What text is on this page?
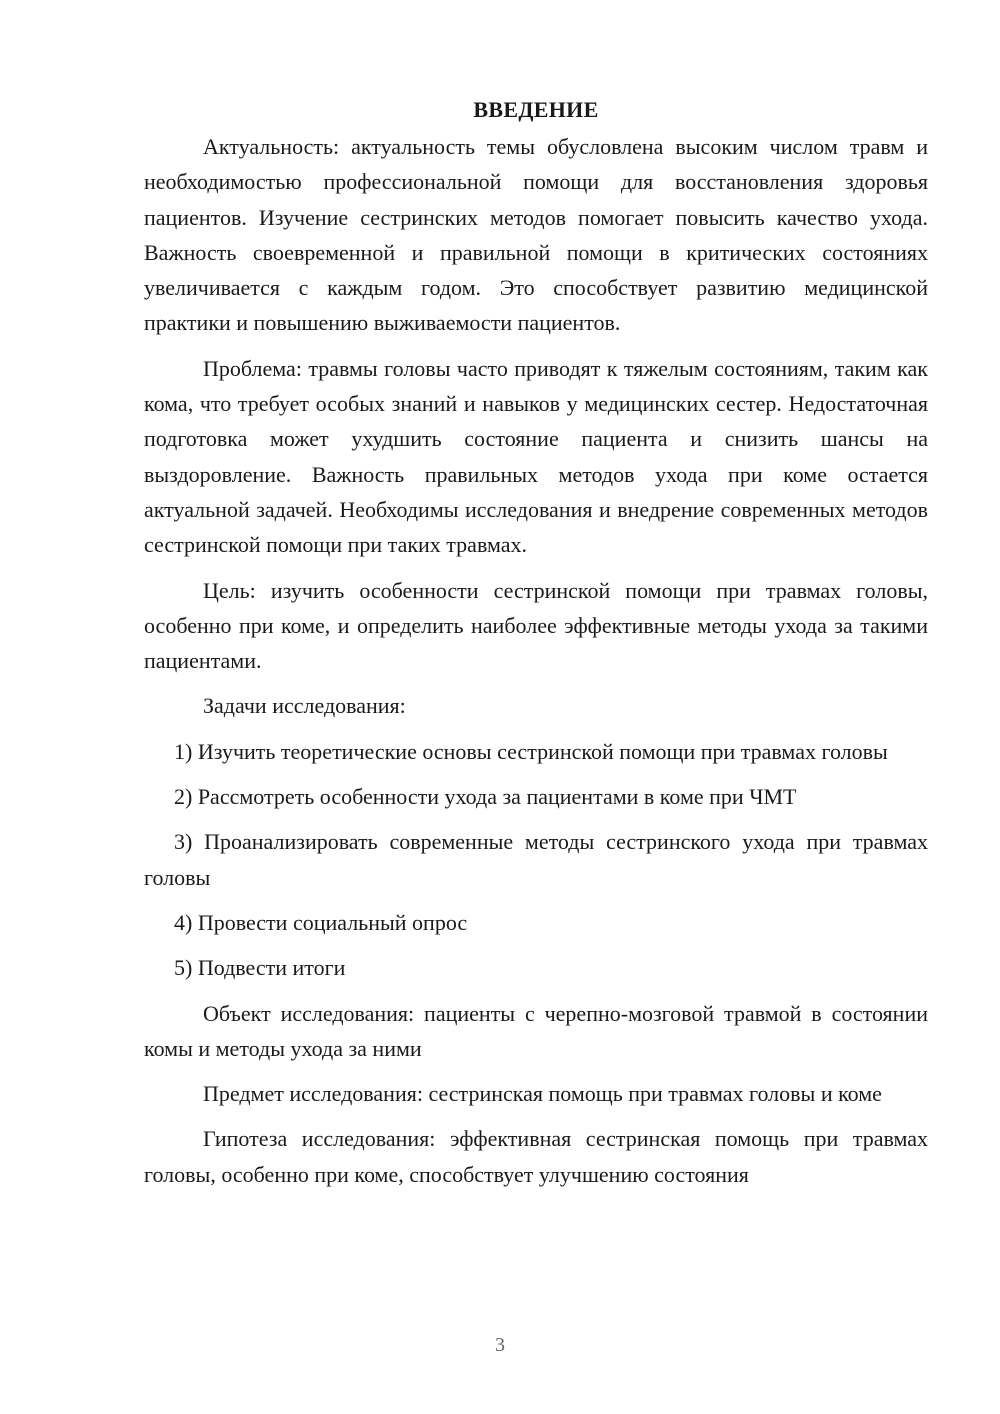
ВВЕДЕНИЕ

Актуальность: актуальность темы обусловлена высоким числом травм и необходимостью профессиональной помощи для восстановления здоровья пациентов. Изучение сестринских методов помогает повысить качество ухода. Важность своевременной и правильной помощи в критических состояниях увеличивается с каждым годом. Это способствует развитию медицинской практики и повышению выживаемости пациентов.

Проблема: травмы головы часто приводят к тяжелым состояниям, таким как кома, что требует особых знаний и навыков у медицинских сестер. Недостаточная подготовка может ухудшить состояние пациента и снизить шансы на выздоровление. Важность правильных методов ухода при коме остается актуальной задачей. Необходимы исследования и внедрение современных методов сестринской помощи при таких травмах.

Цель: изучить особенности сестринской помощи при травмах головы, особенно при коме, и определить наиболее эффективные методы ухода за такими пациентами.

Задачи исследования:

1) Изучить теоретические основы сестринской помощи при травмах головы

2) Рассмотреть особенности ухода за пациентами в коме при ЧМТ

3) Проанализировать современные методы сестринского ухода при травмах головы

4) Провести социальный опрос

5) Подвести итоги

Объект исследования: пациенты с черепно-мозговой травмой в состоянии комы и методы ухода за ними

Предмет исследования: сестринская помощь при травмах головы и коме

Гипотеза исследования: эффективная сестринская помощь при травмах головы, особенно при коме, способствует улучшению состояния

3
